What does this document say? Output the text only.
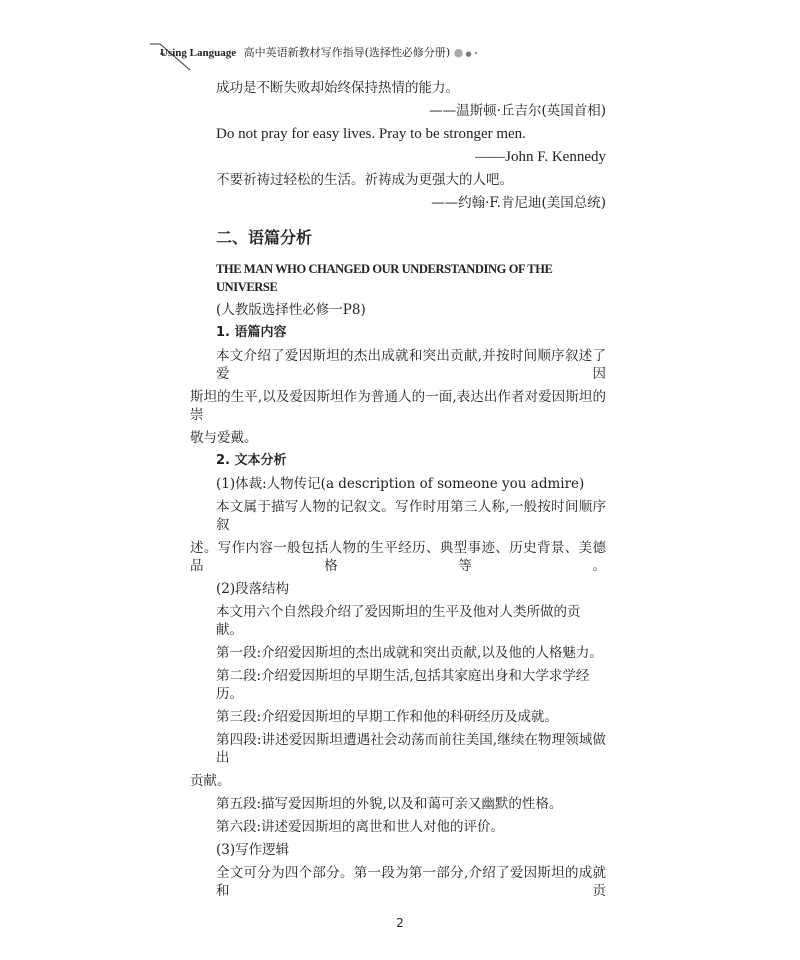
Using Language 高中英语新教材写作指导(选择性必修分册) ● ● •
成功是不断失败却始终保持热情的能力。
——温斯顿·丘吉尔(英国首相)
Do not pray for easy lives. Pray to be stronger men.
——John F. Kennedy
不要祈祷过轻松的生活。祈祷成为更强大的人吧。
——约翰·F.肯尼迪(美国总统)
二、语篇分析
THE MAN WHO CHANGED OUR UNDERSTANDING OF THE UNIVERSE
(人教版选择性必修一P8)
1. 语篇内容
本文介绍了爱因斯坦的杰出成就和突出贡献,并按时间顺序叙述了爱因
斯坦的生平,以及爱因斯坦作为普通人的一面,表达出作者对爱因斯坦的崇
敬与爱戴。
2. 文本分析
(1)体裁:人物传记(a description of someone you admire)
本文属于描写人物的记叙文。写作时用第三人称,一般按时间顺序叙
述。写作内容一般包括人物的生平经历、典型事迹、历史背景、美德品格等。
(2)段落结构
本文用六个自然段介绍了爱因斯坦的生平及他对人类所做的贡献。
第一段:介绍爱因斯坦的杰出成就和突出贡献,以及他的人格魅力。
第二段:介绍爱因斯坦的早期生活,包括其家庭出身和大学求学经历。
第三段:介绍爱因斯坦的早期工作和他的科研经历及成就。
第四段:讲述爱因斯坦遭遇社会动荡而前往美国,继续在物理领域做出
贡献。
第五段:描写爱因斯坦的外貌,以及和蔼可亲又幽默的性格。
第六段:讲述爱因斯坦的离世和世人对他的评价。
(3)写作逻辑
全文可分为四个部分。第一段为第一部分,介绍了爱因斯坦的成就和贡
2
